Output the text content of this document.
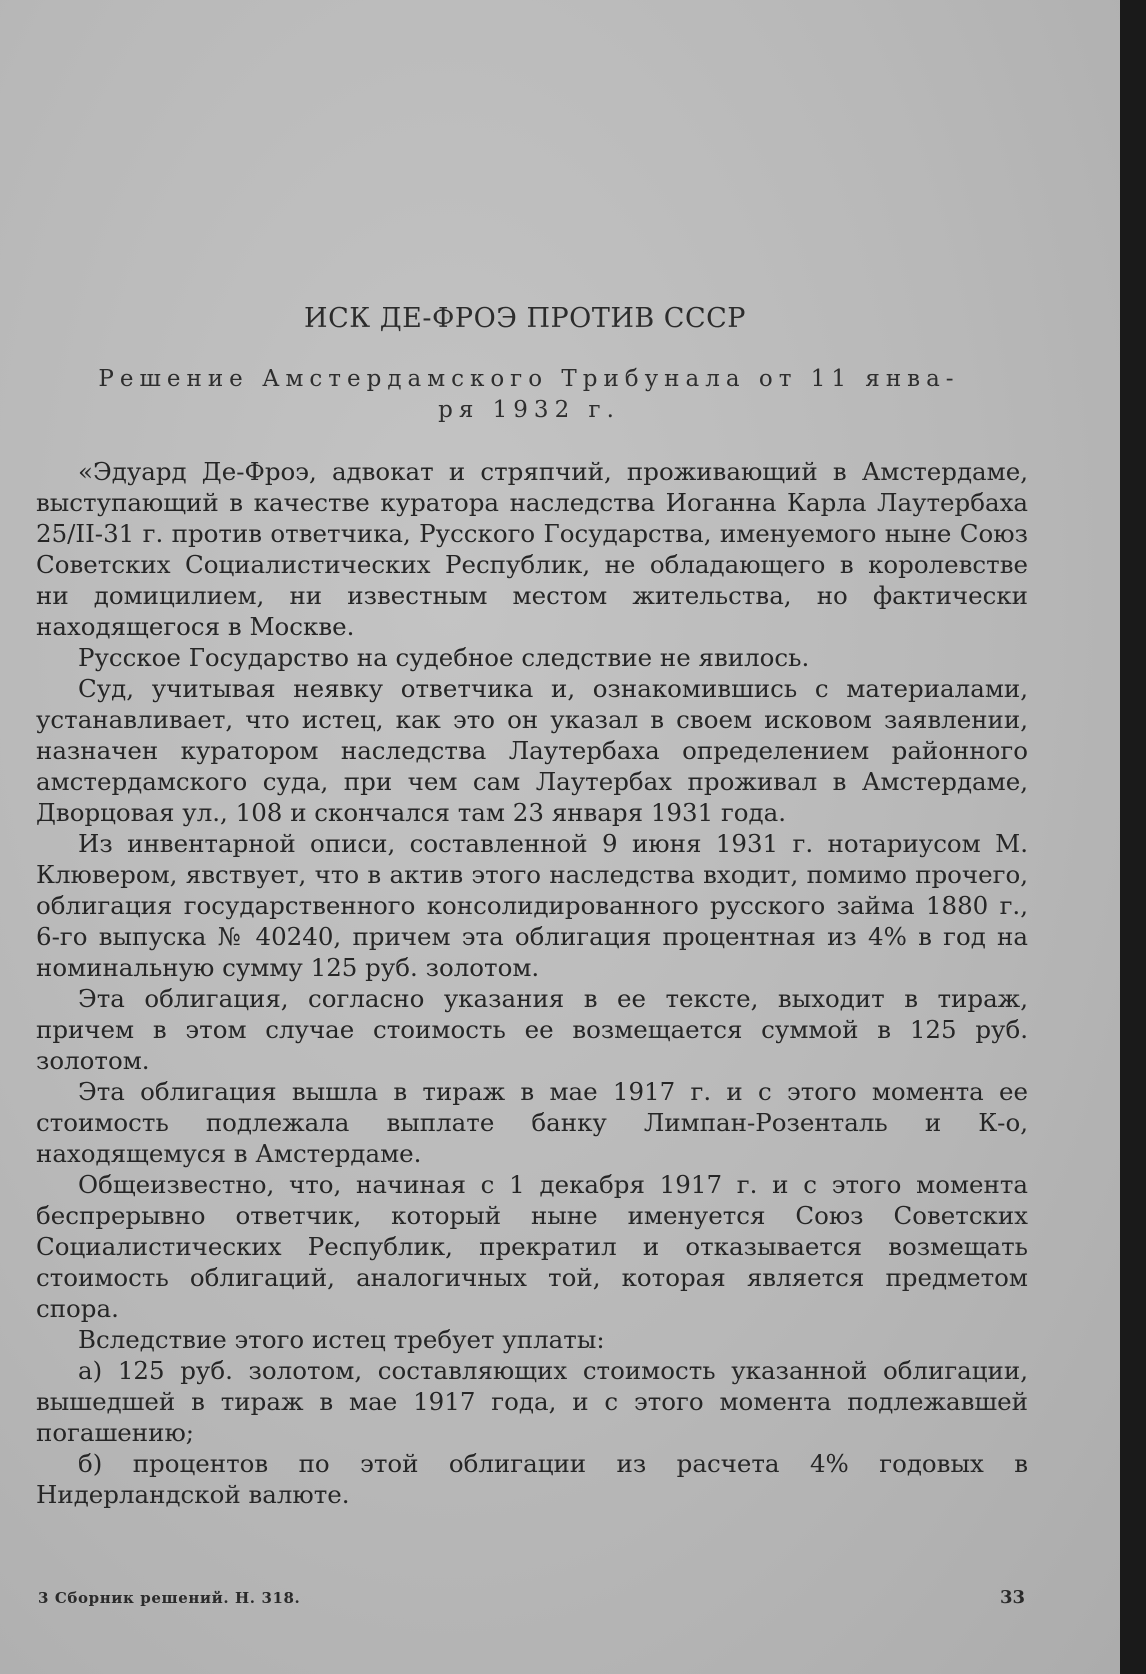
ИСК ДЕ-ФРОЭ ПРОТИВ СССР
Решение Амстердамского Трибунала от 11 янва-
ря 1932 г.

«Эдуард Де-Фроэ, адвокат и стряпчий, проживающий в Амстердаме, выступающий в качестве куратора наследства Иоганна Карла Лаутербаха 25/II-31 г. против ответчика, Русского Государства, именуемого ныне Союз Советских Социалистических Республик, не обладающего в королевстве ни домицилием, ни известным местом жительства, но фактически находящегося в Москве.

Русское Государство на судебное следствие не явилось.

Суд, учитывая неявку ответчика и, ознакомившись с материалами, устанавливает, что истец, как это он указал в своем исковом заявлении, назначен куратором наследства Лаутербаха определением районного амстердамского суда, при чем сам Лаутербах проживал в Амстердаме, Дворцовая ул., 108 и скончался там 23 января 1931 года.

Из инвентарной описи, составленной 9 июня 1931 г. нотариусом М. Клювером, явствует, что в актив этого наследства входит, помимо прочего, облигация государственного консолидированного русского займа 1880 г., 6-го выпуска № 40240, причем эта облигация процентная из 4% в год на номинальную сумму 125 руб. золотом.

Эта облигация, согласно указания в ее тексте, выходит в тираж, причем в этом случае стоимость ее возмещается суммой в 125 руб. золотом.

Эта облигация вышла в тираж в мае 1917 г. и с этого момента ее стоимость подлежала выплате банку Лимпан-Розенталь и К-о, находящемуся в Амстердаме.

Общеизвестно, что, начиная с 1 декабря 1917 г. и с этого момента беспрерывно ответчик, который ныне именуется Союз Советских Социалистических Республик, прекратил и отказывается возмещать стоимость облигаций, аналогичных той, которая является предметом спора.

Вследствие этого истец требует уплаты:

а) 125 руб. золотом, составляющих стоимость указанной облигации, вышедшей в тираж в мае 1917 года, и с этого момента подлежавшей погашению;

б) процентов по этой облигации из расчета 4% годовых в Нидерландской валюте.

3 Сборник решений. Н. 318.	33
